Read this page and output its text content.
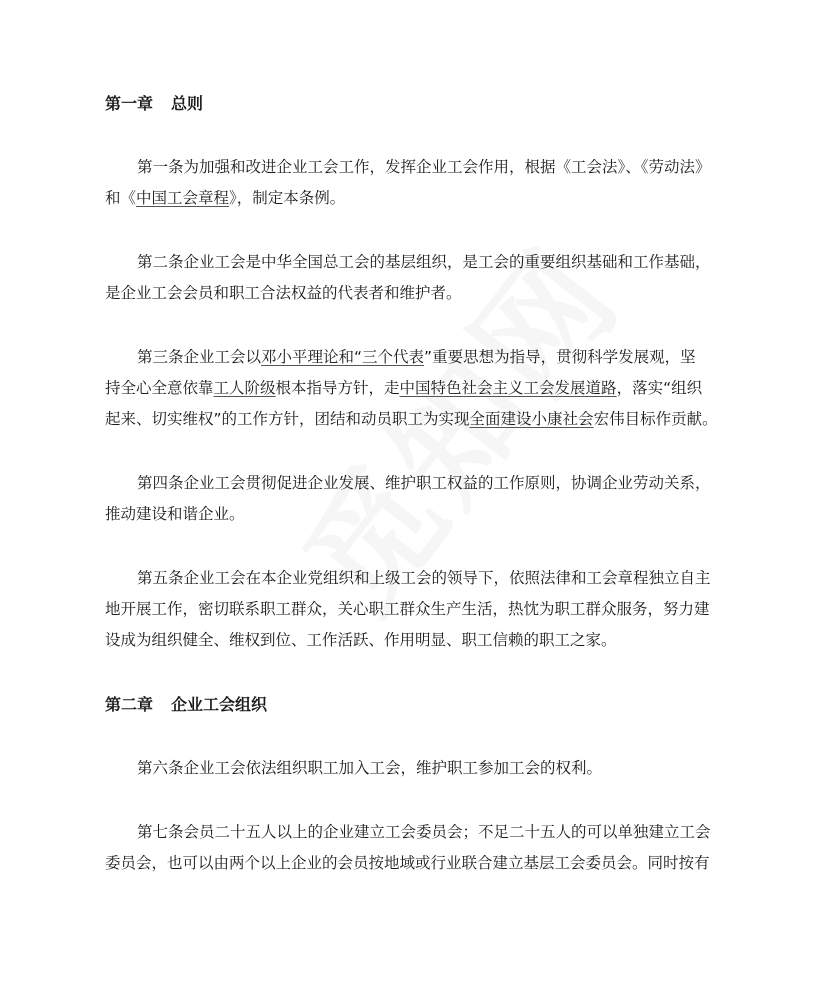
第一章 总则
第一条为加强和改进企业工会工作，发挥企业工会作用，根据《工会法》、《劳动法》
和《中国工会章程》，制定本条例。
第二条企业工会是中华全国总工会的基层组织，是工会的重要组织基础和工作基础，
是企业工会会员和职工合法权益的代表者和维护者。
第三条企业工会以邓小平理论和“三个代表”重要思想为指导，贯彻科学发展观，坚
持全心全意依靠工人阶级根本指导方针，走中国特色社会主义工会发展道路，落实“组织
起来、切实维权”的工作方针，团结和动员职工为实现全面建设小康社会宏伟目标作贡献。
第四条企业工会贯彻促进企业发展、维护职工权益的工作原则，协调企业劳动关系，
推动建设和谐企业。
第五条企业工会在本企业党组织和上级工会的领导下，依照法律和工会章程独立自主
地开展工作，密切联系职工群众，关心职工群众生产生活，热忱为职工群众服务，努力建
设成为组织健全、维权到位、工作活跃、作用明显、职工信赖的职工之家。
第二章 企业工会组织
第六条企业工会依法组织职工加入工会，维护职工参加工会的权利。
第七条会员二十五人以上的企业建立工会委员会；不足二十五人的可以单独建立工会
委员会，也可以由两个以上企业的会员按地域或行业联合建立基层工会委员会。同时按有
